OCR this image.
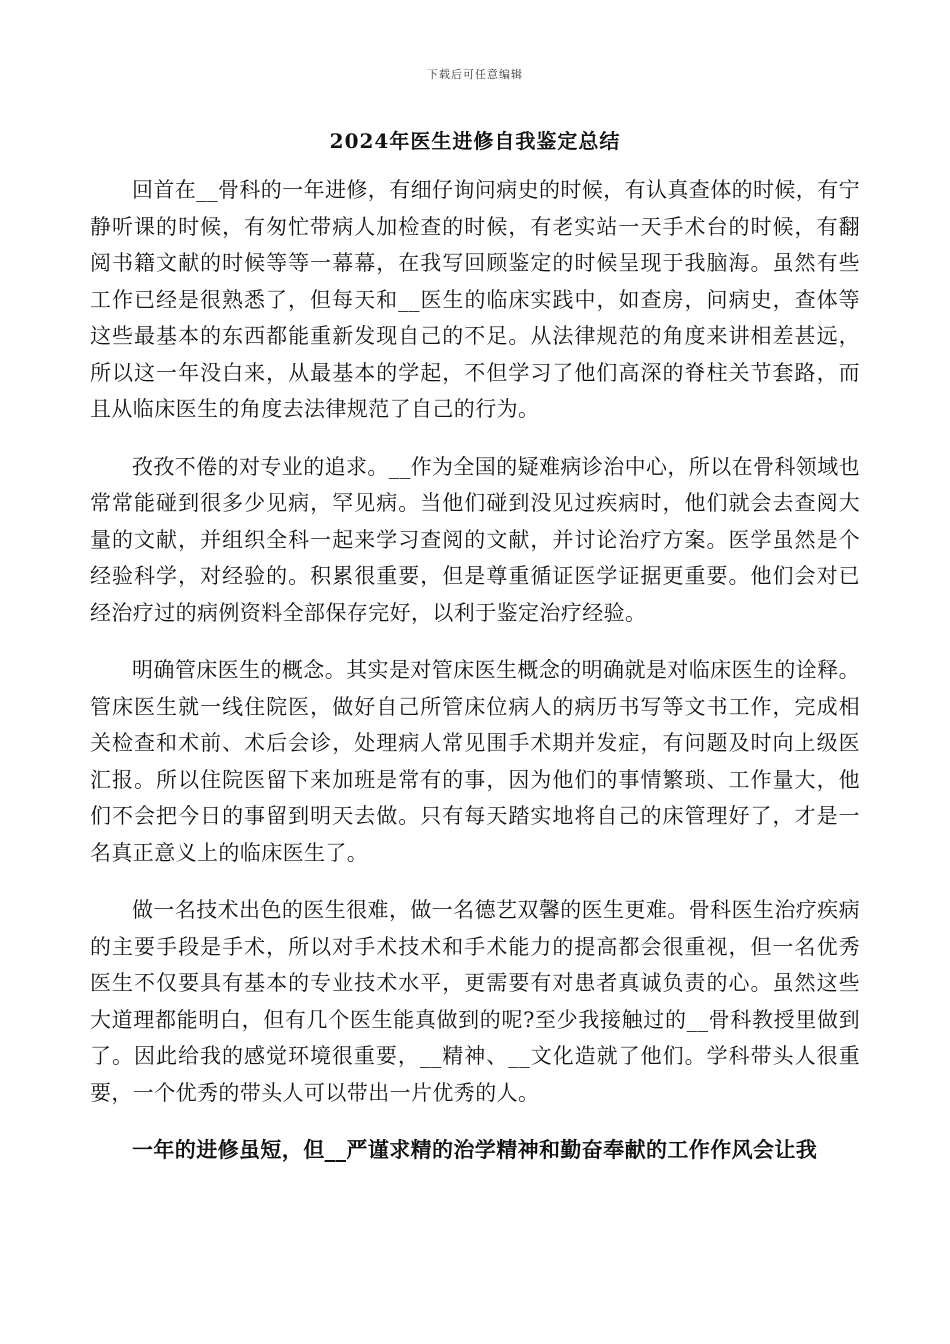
下载后可任意编辑
2024年医生进修自我鉴定总结

回首在__骨科的一年进修，有细仔询问病史的时候，有认真查体的时候，有宁静听课的时候，有匆忙带病人加检查的时候，有老实站一天手术台的时候，有翻阅书籍文献的时候等等一幕幕，在我写回顾鉴定的时候呈现于我脑海。虽然有些工作已经是很熟悉了，但每天和__医生的临床实践中，如查房，问病史，查体等这些最基本的东西都能重新发现自己的不足。从法律规范的角度来讲相差甚远，所以这一年没白来，从最基本的学起，不但学习了他们高深的脊柱关节套路，而且从临床医生的角度去法律规范了自己的行为。

孜孜不倦的对专业的追求。__作为全国的疑难病诊治中心，所以在骨科领域也常常能碰到很多少见病，罕见病。当他们碰到没见过疾病时，他们就会去查阅大量的文献，并组织全科一起来学习查阅的文献，并讨论治疗方案。医学虽然是个经验科学，对经验的。积累很重要，但是尊重循证医学证据更重要。他们会对已经治疗过的病例资料全部保存完好，以利于鉴定治疗经验。

明确管床医生的概念。其实是对管床医生概念的明确就是对临床医生的诠释。管床医生就一线住院医，做好自己所管床位病人的病历书写等文书工作，完成相关检查和术前、术后会诊，处理病人常见围手术期并发症，有问题及时向上级医汇报。所以住院医留下来加班是常有的事，因为他们的事情繁琐、工作量大，他们不会把今日的事留到明天去做。只有每天踏实地将自己的床管理好了，才是一名真正意义上的临床医生了。

做一名技术出色的医生很难，做一名德艺双馨的医生更难。骨科医生治疗疾病的主要手段是手术，所以对手术技术和手术能力的提高都会很重视，但一名优秀医生不仅要具有基本的专业技术水平，更需要有对患者真诚负责的心。虽然这些大道理都能明白，但有几个医生能真做到的呢?至少我接触过的__骨科教授里做到了。因此给我的感觉环境很重要，__精神、__文化造就了他们。学科带头人很重要，一个优秀的带头人可以带出一片优秀的人。

一年的进修虽短，但__严谨求精的治学精神和勤奋奉献的工作作风会让我
